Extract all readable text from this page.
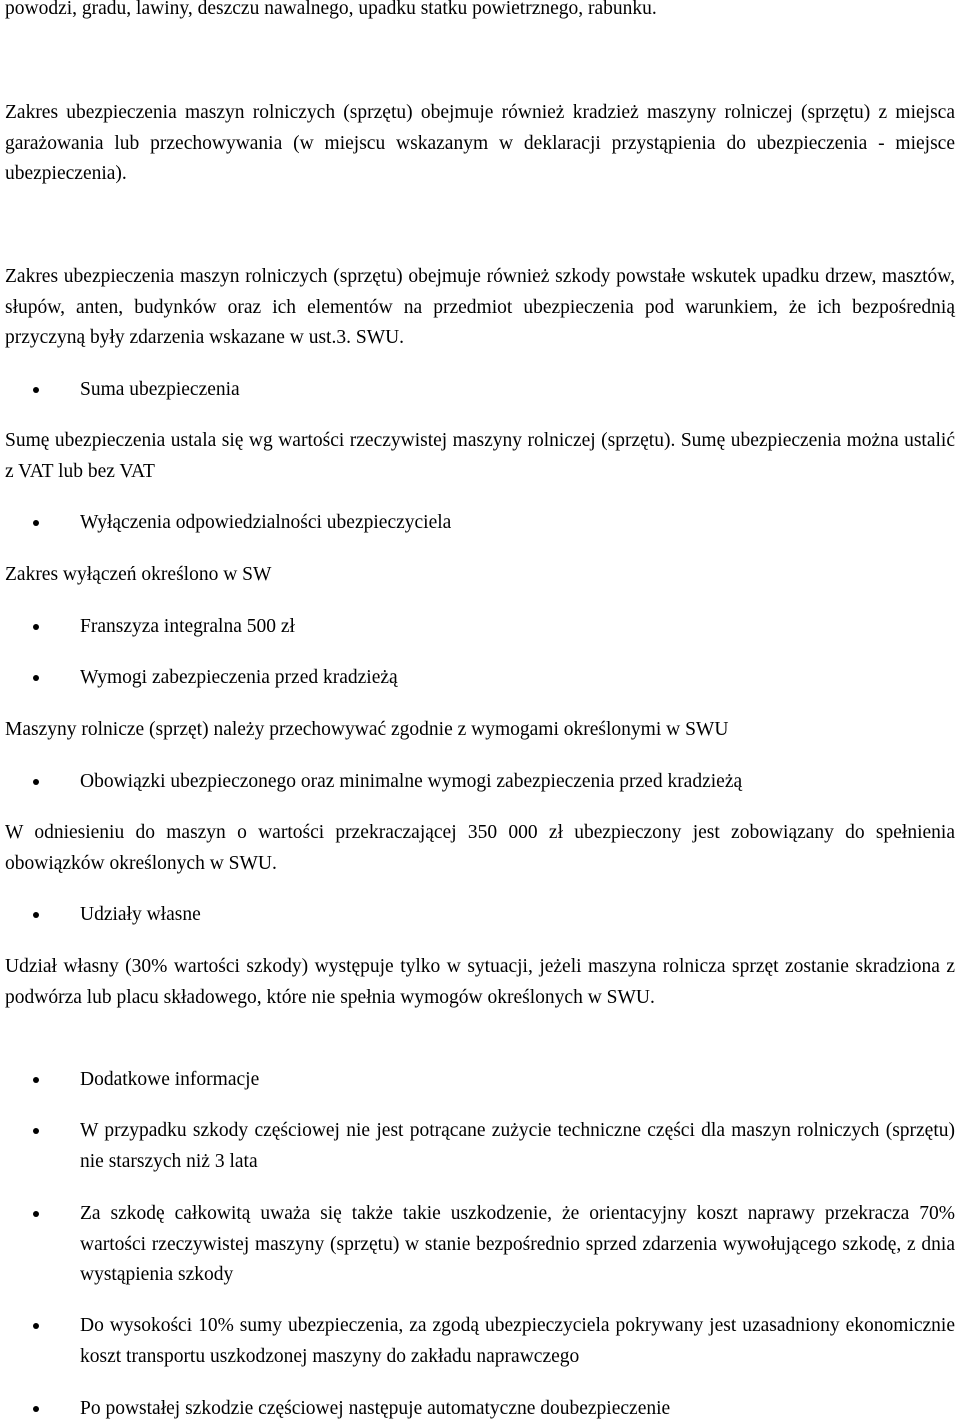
powodzi, gradu, lawiny, deszczu nawalnego, upadku statku powietrznego, rabunku.

Zakres ubezpieczenia maszyn rolniczych (sprzętu) obejmuje również kradzież maszyny rolniczej (sprzętu) z miejsca garażowania lub przechowywania (w miejscu wskazanym w deklaracji przystąpienia do ubezpieczenia - miejsce ubezpieczenia).

Zakres ubezpieczenia maszyn rolniczych (sprzętu) obejmuje również szkody powstałe wskutek upadku drzew, masztów, słupów, anten, budynków oraz ich elementów na przedmiot ubezpieczenia pod warunkiem, że ich bezpośrednią przyczyną były zdarzenia wskazane w ust.3. SWU.

Suma ubezpieczenia

Sumę ubezpieczenia ustala się wg wartości rzeczywistej maszyny rolniczej (sprzętu). Sumę ubezpieczenia można ustalić z VAT lub bez VAT

Wyłączenia odpowiedzialności ubezpieczyciela

Zakres wyłączeń określono w SW

Franszyza integralna 500 zł

Wymogi zabezpieczenia przed kradzieżą

Maszyny rolnicze (sprzęt) należy przechowywać zgodnie z wymogami określonymi w SWU

Obowiązki ubezpieczonego oraz minimalne wymogi zabezpieczenia przed kradzieżą

W odniesieniu do maszyn o wartości przekraczającej 350 000 zł ubezpieczony jest zobowiązany do spełnienia obowiązków określonych w SWU.

Udziały własne

Udział własny (30% wartości szkody) występuje tylko w sytuacji, jeżeli maszyna rolnicza sprzęt zostanie skradziona z podwórza lub placu składowego, które nie spełnia wymogów określonych w SWU.

Dodatkowe informacje

W przypadku szkody częściowej nie jest potrącane zużycie techniczne części dla maszyn rolniczych (sprzętu) nie starszych niż 3 lata

Za szkodę całkowitą uważa się także takie uszkodzenie, że orientacyjny koszt naprawy przekracza 70% wartości rzeczywistej maszyny (sprzętu) w stanie bezpośrednio sprzed zdarzenia wywołującego szkodę, z dnia wystąpienia szkody

Do wysokości 10% sumy ubezpieczenia, za zgodą ubezpieczyciela pokrywany jest uzasadniony ekonomicznie koszt transportu uszkodzonej maszyny do zakładu naprawczego

Po powstałej szkodzie częściowej następuje automatyczne doubezpieczenie
